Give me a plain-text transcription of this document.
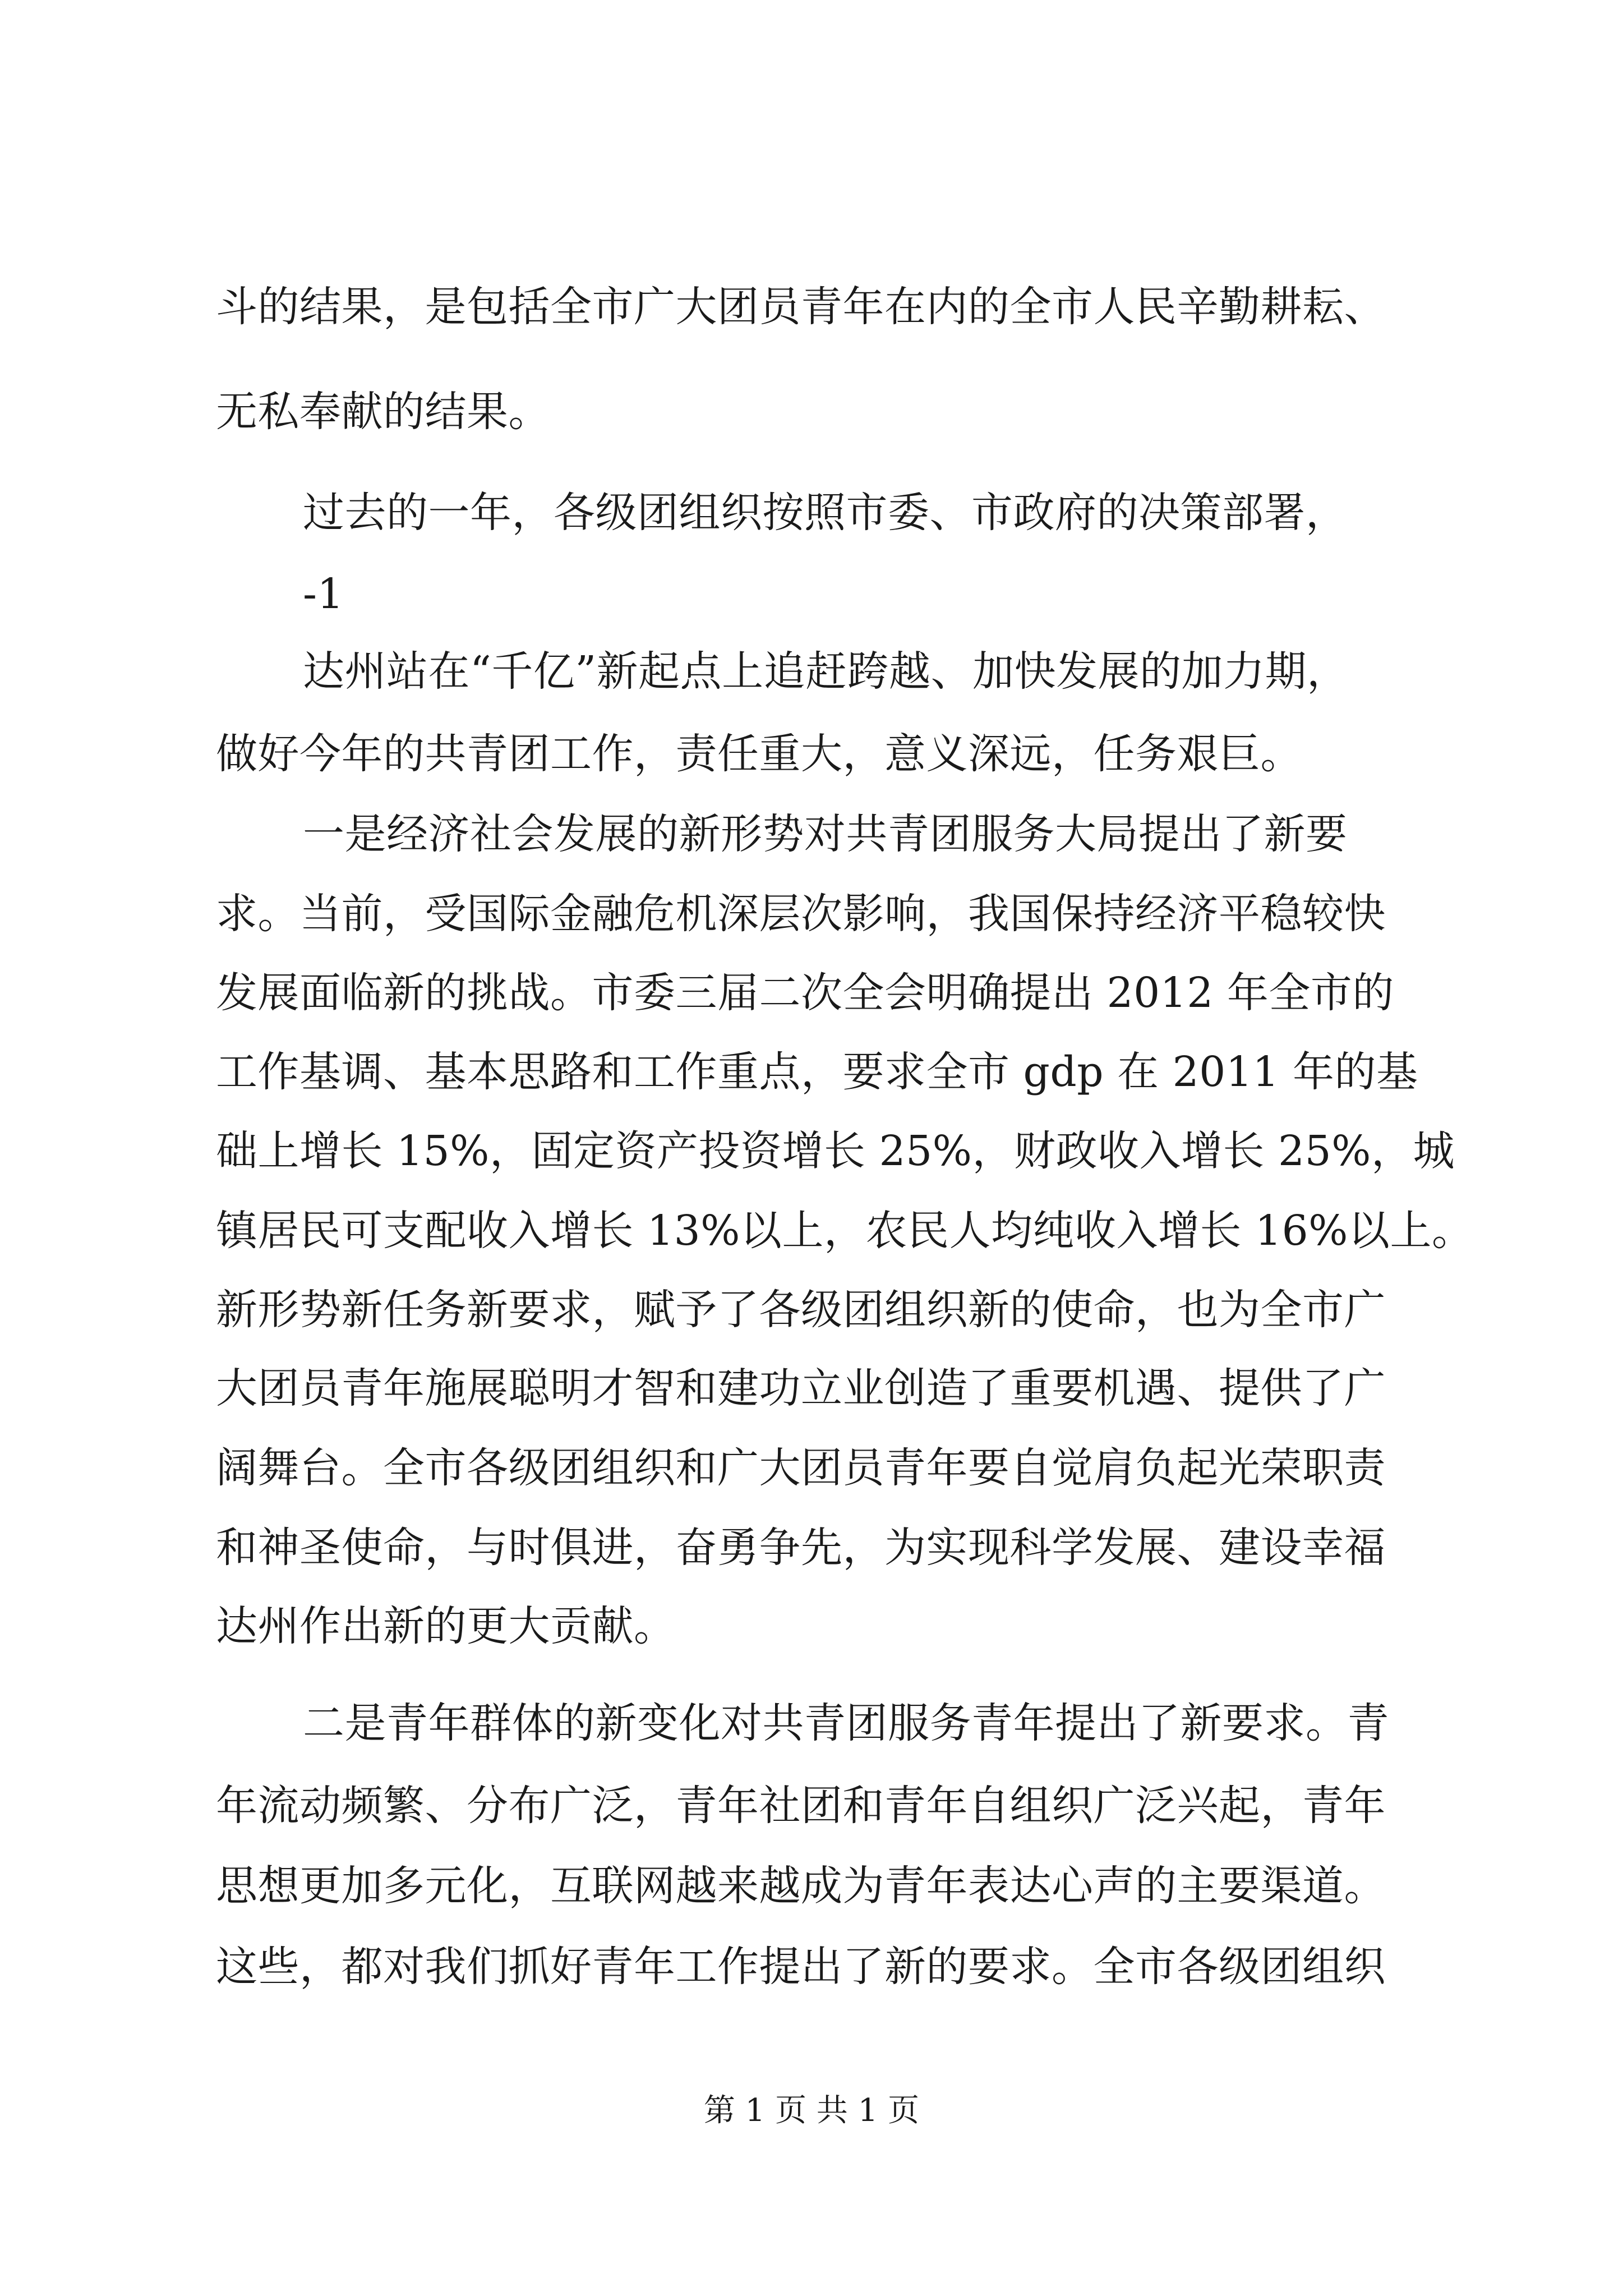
斗的结果，是包括全市广大团员青年在内的全市人民辛勤耕耘、
无私奉献的结果。
过去的一年，各级团组织按照市委、市政府的决策部署，
-1
达州站在“千亿”新起点上追赶跨越、加快发展的加力期，
做好今年的共青团工作，责任重大，意义深远，任务艰巨。
一是经济社会发展的新形势对共青团服务大局提出了新要
求。当前，受国际金融危机深层次影响，我国保持经济平稳较快
发展面临新的挑战。市委三届二次全会明确提出 2012 年全市的
工作基调、基本思路和工作重点，要求全市 gdp 在 2011 年的基
础上增长 15%，固定资产投资增长 25%，财政收入增长 25%，城
镇居民可支配收入增长 13%以上，农民人均纯收入增长 16%以上。
新形势新任务新要求，赋予了各级团组织新的使命，也为全市广
大团员青年施展聪明才智和建功立业创造了重要机遇、提供了广
阔舞台。全市各级团组织和广大团员青年要自觉肩负起光荣职责
和神圣使命，与时俱进，奋勇争先，为实现科学发展、建设幸福
达州作出新的更大贡献。
二是青年群体的新变化对共青团服务青年提出了新要求。青
年流动频繁、分布广泛，青年社团和青年自组织广泛兴起，青年
思想更加多元化，互联网越来越成为青年表达心声的主要渠道。
这些，都对我们抓好青年工作提出了新的要求。全市各级团组织
第 1 页 共 1 页
